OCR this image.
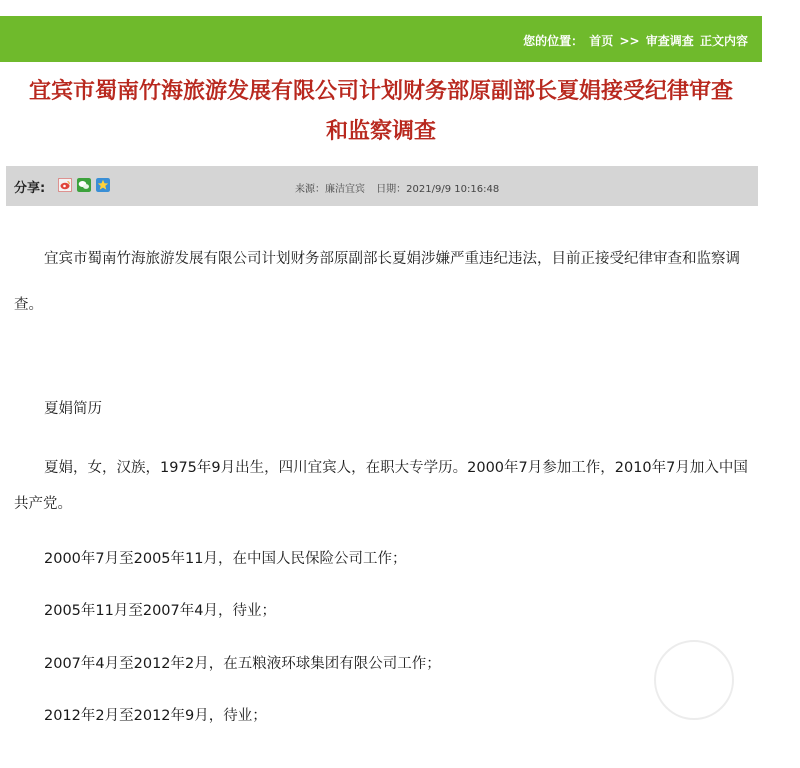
您的位置： 首页 >> 审查调查 正文内容
宜宾市蜀南竹海旅游发展有限公司计划财务部原副部长夏娟接受纪律审查
和监察调查
分享:	来源：廉洁宜宾 日期：2021/9/9 10:16:48

宜宾市蜀南竹海旅游发展有限公司计划财务部原副部长夏娟涉嫌严重违纪违法，目前正接受纪律审查和监察调查。

夏娟简历

夏娟，女，汉族，1975年9月出生，四川宜宾人，在职大专学历。2000年7月参加工作，2010年7月加入中国共产党。

2000年7月至2005年11月，在中国人民保险公司工作；

2005年11月至2007年4月，待业；

2007年4月至2012年2月，在五粮液环球集团有限公司工作；

2012年2月至2012年9月，待业；
